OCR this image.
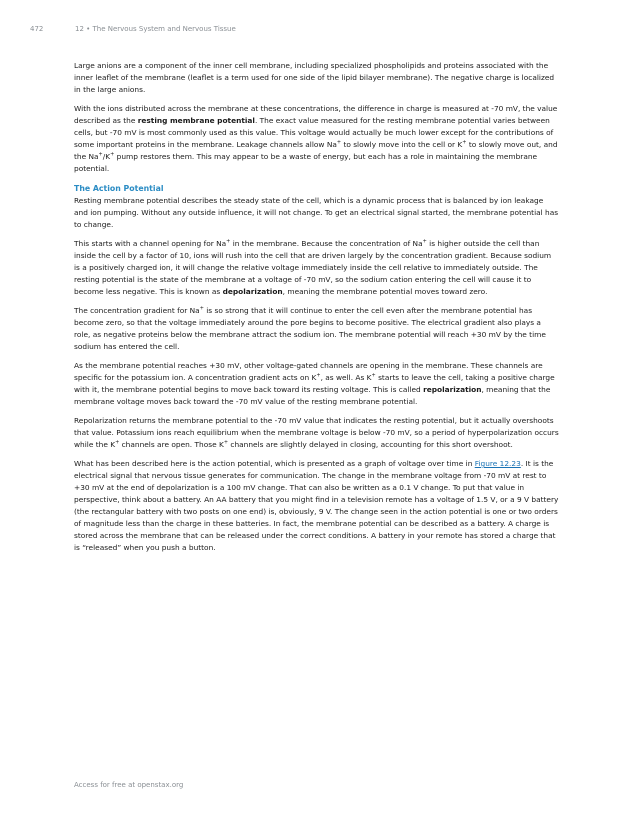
472	12 • The Nervous System and Nervous Tissue

Large anions are a component of the inner cell membrane, including specialized phospholipids and proteins associated with the inner leaflet of the membrane (leaflet is a term used for one side of the lipid bilayer membrane). The negative charge is localized in the large anions.

With the ions distributed across the membrane at these concentrations, the difference in charge is measured at -70 mV, the value described as the resting membrane potential. The exact value measured for the resting membrane potential varies between cells, but -70 mV is most commonly used as this value. This voltage would actually be much lower except for the contributions of some important proteins in the membrane. Leakage channels allow Na+ to slowly move into the cell or K+ to slowly move out, and the Na+/K+ pump restores them. This may appear to be a waste of energy, but each has a role in maintaining the membrane potential.

The Action Potential

Resting membrane potential describes the steady state of the cell, which is a dynamic process that is balanced by ion leakage and ion pumping. Without any outside influence, it will not change. To get an electrical signal started, the membrane potential has to change.

This starts with a channel opening for Na+ in the membrane. Because the concentration of Na+ is higher outside the cell than inside the cell by a factor of 10, ions will rush into the cell that are driven largely by the concentration gradient. Because sodium is a positively charged ion, it will change the relative voltage immediately inside the cell relative to immediately outside. The resting potential is the state of the membrane at a voltage of -70 mV, so the sodium cation entering the cell will cause it to become less negative. This is known as depolarization, meaning the membrane potential moves toward zero.

The concentration gradient for Na+ is so strong that it will continue to enter the cell even after the membrane potential has become zero, so that the voltage immediately around the pore begins to become positive. The electrical gradient also plays a role, as negative proteins below the membrane attract the sodium ion. The membrane potential will reach +30 mV by the time sodium has entered the cell.

As the membrane potential reaches +30 mV, other voltage-gated channels are opening in the membrane. These channels are specific for the potassium ion. A concentration gradient acts on K+, as well. As K+ starts to leave the cell, taking a positive charge with it, the membrane potential begins to move back toward its resting voltage. This is called repolarization, meaning that the membrane voltage moves back toward the -70 mV value of the resting membrane potential.

Repolarization returns the membrane potential to the -70 mV value that indicates the resting potential, but it actually overshoots that value. Potassium ions reach equilibrium when the membrane voltage is below -70 mV, so a period of hyperpolarization occurs while the K+ channels are open. Those K+ channels are slightly delayed in closing, accounting for this short overshoot.

What has been described here is the action potential, which is presented as a graph of voltage over time in Figure 12.23. It is the electrical signal that nervous tissue generates for communication. The change in the membrane voltage from -70 mV at rest to +30 mV at the end of depolarization is a 100 mV change. That can also be written as a 0.1 V change. To put that value in perspective, think about a battery. An AA battery that you might find in a television remote has a voltage of 1.5 V, or a 9 V battery (the rectangular battery with two posts on one end) is, obviously, 9 V. The change seen in the action potential is one or two orders of magnitude less than the charge in these batteries. In fact, the membrane potential can be described as a battery. A charge is stored across the membrane that can be released under the correct conditions. A battery in your remote has stored a charge that is “released” when you push a button.

Access for free at openstax.org
